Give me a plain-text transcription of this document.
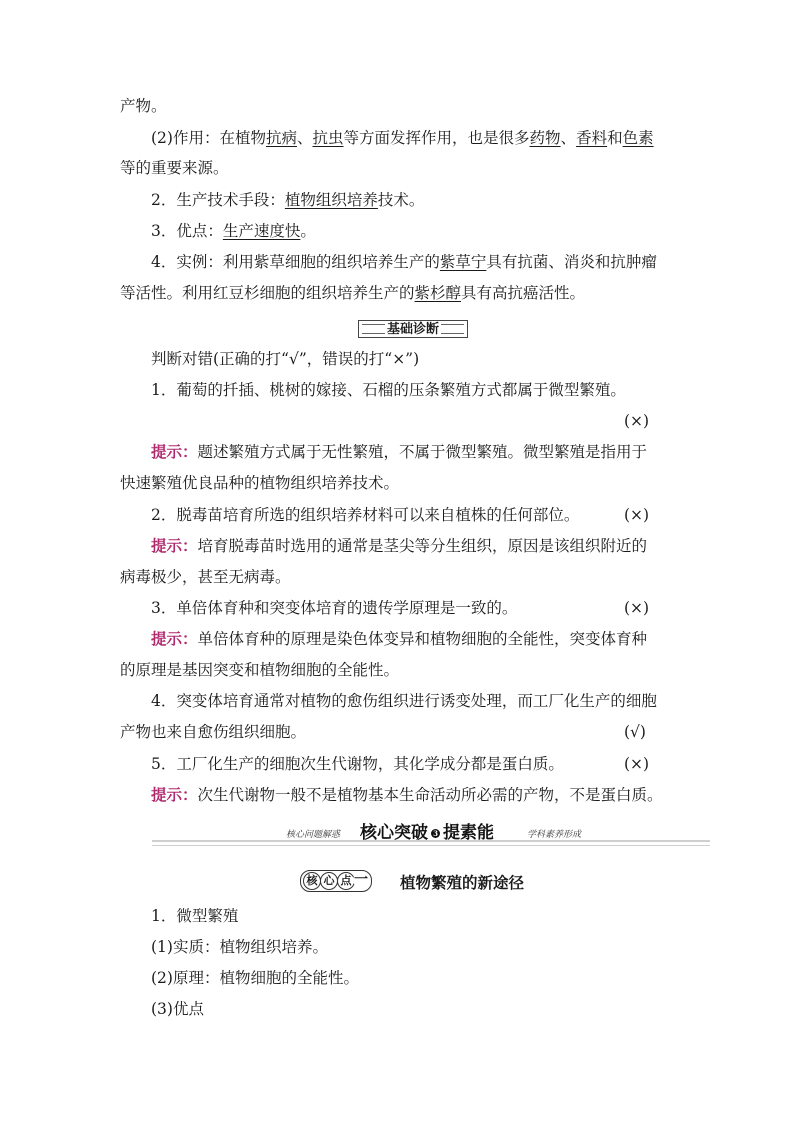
产物。
(2)作用：在植物抗病、抗虫等方面发挥作用，也是很多药物、香料和色素
等的重要来源。
2．生产技术手段：植物组织培养技术。
3．优点：生产速度快。
4．实例：利用紫草细胞的组织培养生产的紫草宁具有抗菌、消炎和抗肿瘤
等活性。利用红豆杉细胞的组织培养生产的紫杉醇具有高抗癌活性。
基础诊断
判断对错(正确的打“√”，错误的打“×”)
1．葡萄的扦插、桃树的嫁接、石榴的压条繁殖方式都属于微型繁殖。
(×)
提示：题述繁殖方式属于无性繁殖，不属于微型繁殖。微型繁殖是指用于
快速繁殖优良品种的植物组织培养技术。
2．脱毒苗培育所选的组织培养材料可以来自植株的任何部位。	(×)
提示：培育脱毒苗时选用的通常是茎尖等分生组织，原因是该组织附近的
病毒极少，甚至无病毒。
3．单倍体育种和突变体培育的遗传学原理是一致的。	(×)
提示：单倍体育种的原理是染色体变异和植物细胞的全能性，突变体育种
的原理是基因突变和植物细胞的全能性。
4．突变体培育通常对植物的愈伤组织进行诱变处理，而工厂化生产的细胞
产物也来自愈伤组织细胞。	(√)
5．工厂化生产的细胞次生代谢物，其化学成分都是蛋白质。	(×)
提示：次生代谢物一般不是植物基本生命活动所必需的产物，不是蛋白质。
核心问题解惑 核心突破 3 提素能	学科素养形成
核 心 点 一 植物繁殖的新途径
1．微型繁殖
(1)实质：植物组织培养。
(2)原理：植物细胞的全能性。
(3)优点
